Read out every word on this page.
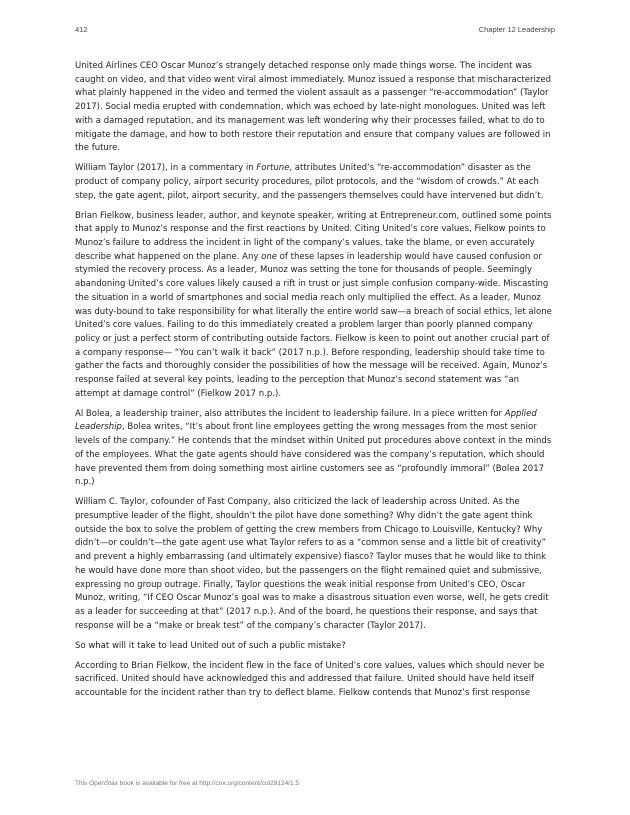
412	Chapter 12 Leadership

United Airlines CEO Oscar Munoz’s strangely detached response only made things worse. The incident was caught on video, and that video went viral almost immediately. Munoz issued a response that mischaracterized what plainly happened in the video and termed the violent assault as a passenger “re-accommodation” (Taylor 2017). Social media erupted with condemnation, which was echoed by late-night monologues. United was left with a damaged reputation, and its management was left wondering why their processes failed, what to do to mitigate the damage, and how to both restore their reputation and ensure that company values are followed in the future.

William Taylor (2017), in a commentary in Fortune, attributes United’s “re-accommodation” disaster as the product of company policy, airport security procedures, pilot protocols, and the “wisdom of crowds.” At each step, the gate agent, pilot, airport security, and the passengers themselves could have intervened but didn’t.

Brian Fielkow, business leader, author, and keynote speaker, writing at Entrepreneur.com, outlined some points that apply to Munoz’s response and the first reactions by United. Citing United’s core values, Fielkow points to Munoz’s failure to address the incident in light of the company’s values, take the blame, or even accurately describe what happened on the plane. Any one of these lapses in leadership would have caused confusion or stymied the recovery process. As a leader, Munoz was setting the tone for thousands of people. Seemingly abandoning United’s core values likely caused a rift in trust or just simple confusion company-wide. Miscasting the situation in a world of smartphones and social media reach only multiplied the effect. As a leader, Munoz was duty-bound to take responsibility for what literally the entire world saw—a breach of social ethics, let alone United’s core values. Failing to do this immediately created a problem larger than poorly planned company policy or just a perfect storm of contributing outside factors. Fielkow is keen to point out another crucial part of a company response— “You can’t walk it back” (2017 n.p.). Before responding, leadership should take time to gather the facts and thoroughly consider the possibilities of how the message will be received. Again, Munoz’s response failed at several key points, leading to the perception that Munoz’s second statement was “an attempt at damage control” (Fielkow 2017 n.p.).

Al Bolea, a leadership trainer, also attributes the incident to leadership failure. In a piece written for Applied Leadership, Bolea writes, “It’s about front line employees getting the wrong messages from the most senior levels of the company.” He contends that the mindset within United put procedures above context in the minds of the employees. What the gate agents should have considered was the company’s reputation, which should have prevented them from doing something most airline customers see as “profoundly immoral” (Bolea 2017 n.p.)

William C. Taylor, cofounder of Fast Company, also criticized the lack of leadership across United. As the presumptive leader of the flight, shouldn’t the pilot have done something? Why didn’t the gate agent think outside the box to solve the problem of getting the crew members from Chicago to Louisville, Kentucky? Why didn’t—or couldn’t—the gate agent use what Taylor refers to as a “common sense and a little bit of creativity” and prevent a highly embarrassing (and ultimately expensive) fiasco? Taylor muses that he would like to think he would have done more than shoot video, but the passengers on the flight remained quiet and submissive, expressing no group outrage. Finally, Taylor questions the weak initial response from United’s CEO, Oscar Munoz, writing, “If CEO Oscar Munoz’s goal was to make a disastrous situation even worse, well, he gets credit as a leader for succeeding at that” (2017 n.p.). And of the board, he questions their response, and says that response will be a “make or break test” of the company’s character (Taylor 2017).

So what will it take to lead United out of such a public mistake?

According to Brian Fielkow, the incident flew in the face of United’s core values, values which should never be sacrificed. United should have acknowledged this and addressed that failure. United should have held itself accountable for the incident rather than try to deflect blame. Fielkow contends that Munoz’s first response

This OpenStax book is available for free at http://cnx.org/content/col29124/1.5
